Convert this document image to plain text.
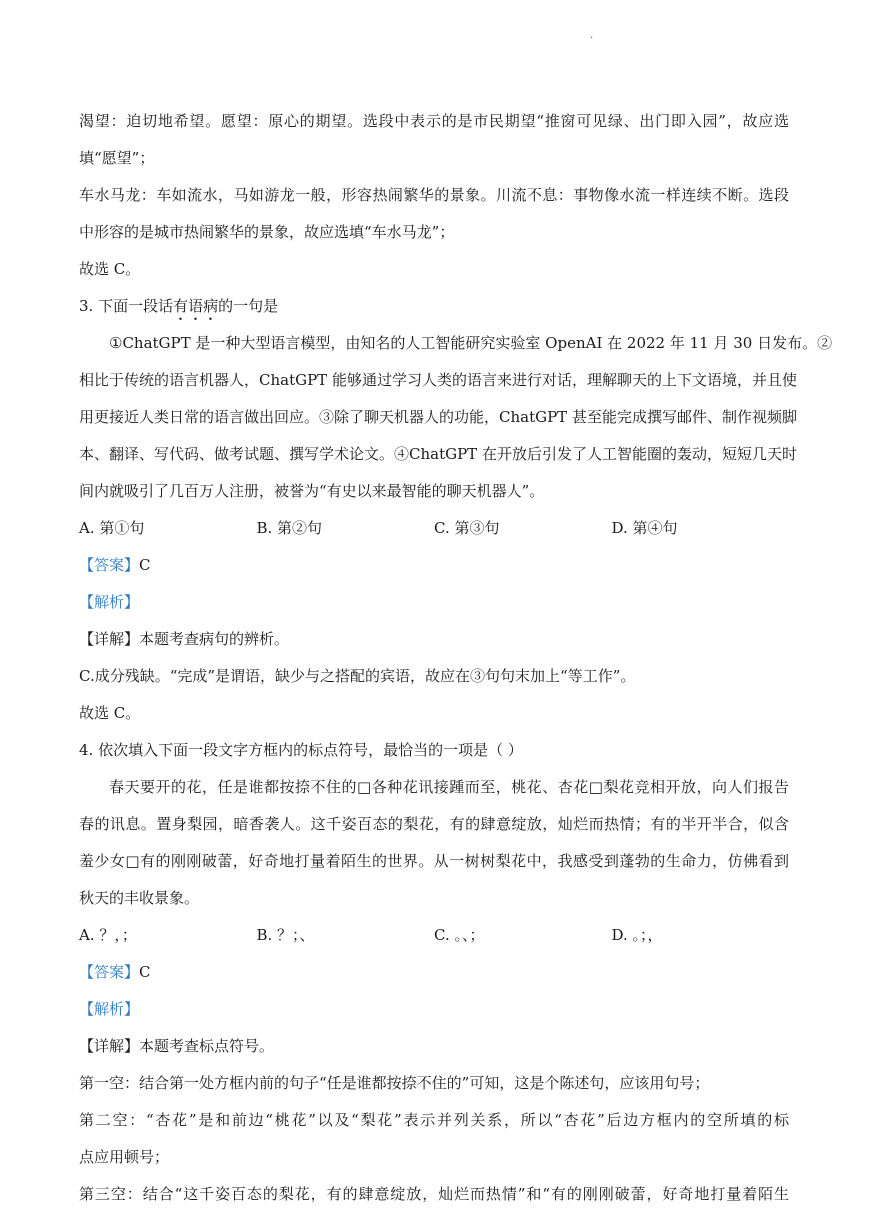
.

渴望：迫切地希望。愿望：原心的期望。选段中表示的是市民期望“推窗可见绿、出门即入园”，故应选

填“愿望”；

车水马龙：车如流水，马如游龙一般，形容热闹繁华的景象。川流不息：事物像水流一样连续不断。选段

中形容的是城市热闹繁华的景象，故应选填“车水马龙”；

故选 C。

3. 下面一段话有语病的一句是

①ChatGPT 是一种大型语言模型，由知名的人工智能研究实验室 OpenAI 在 2022 年 11 月 30 日发布。②

相比于传统的语言机器人，ChatGPT 能够通过学习人类的语言来进行对话，理解聊天的上下文语境，并且使

用更接近人类日常的语言做出回应。③除了聊天机器人的功能，ChatGPT 甚至能完成撰写邮件、制作视频脚

本、翻译、写代码、做考试题、撰写学术论文。④ChatGPT 在开放后引发了人工智能圈的轰动，短短几天时

间内就吸引了几百万人注册，被誉为“有史以来最智能的聊天机器人”。

A. 第①句	B. 第②句	C. 第③句	D. 第④句

【答案】C

【解析】

【详解】本题考查病句的辨析。

C.成分残缺。“完成”是谓语，缺少与之搭配的宾语，故应在③句句末加上“等工作”。

故选 C。

4. 依次填入下面一段文字方框内的标点符号，最恰当的一项是（ ）

春天要开的花，任是谁都按捺不住的□各种花讯接踵而至，桃花、杏花□梨花竞相开放，向人们报告

春的讯息。置身梨园，暗香袭人。这千姿百态的梨花，有的肆意绽放，灿烂而热情；有的半开半合，似含

羞少女□有的刚刚破蕾，好奇地打量着陌生的世界。从一树树梨花中，我感受到蓬勃的生命力，仿佛看到

秋天的丰收景象。

A. ？，；	B. ？；、	C. 。、；	D. 。；，

【答案】C

【解析】

【详解】本题考查标点符号。

第一空：结合第一处方框内前的句子“任是谁都按捺不住的”可知，这是个陈述句，应该用句号；

第二空：“杏花”是和前边“桃花”以及“梨花”表示并列关系，所以“杏花”后边方框内的空所填的标

点应用顿号；

第三空：结合“这千姿百态的梨花，有的肆意绽放，灿烂而热情”和“有的刚刚破蕾，好奇地打量着陌生
